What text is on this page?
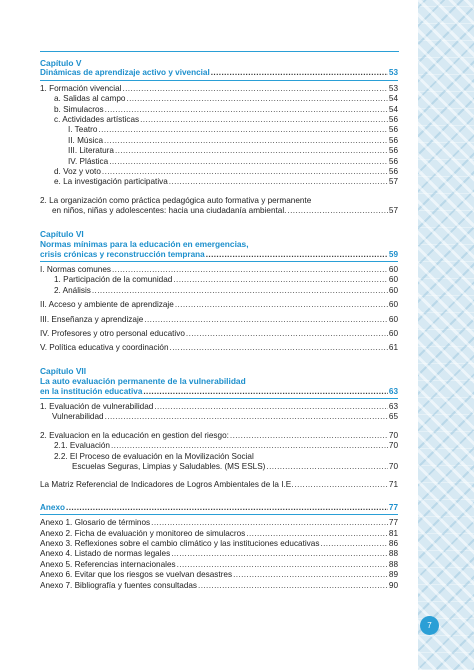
Capítulo V
Dinámicas de aprendizaje activo y vivencial .....	53
1. Formación vivencial .....	53
a. Salidas al campo .....	54
b. Simulacros .....	54
c. Actividades artísticas .....	56
I. Teatro .....	56
II. Música .....	56
III. Literatura .....	56
IV. Plástica .....	56
d. Voz y voto .....	56
e. La investigación participativa .....	57
2. La organización como práctica pedagógica auto formativa y permanente
en niños, niñas y adolescentes: hacia una ciudadanía ambiental. .....	57
Capítulo VI
Normas mínimas para la educación en emergencias,
crisis crónicas y reconstrucción temprana .....	59
I. Normas comunes .....	60
1. Participación de la comunidad .....	60
2. Análisis .....	60
II. Acceso y ambiente de aprendizaje .....	60
III. Enseñanza y aprendizaje .....	60
IV. Profesores y otro personal educativo .....	60
V. Política educativa y coordinación .....	61
Capítulo VII
La auto evaluación permanente de la vulnerabilidad
en la institución educativa .....	63
1. Evaluación de vulnerabilidad .....	63
Vulnerabilidad .....	65
2. Evaluacion en la educación en gestion del riesgo: .....	70
2.1. Evaluación .....	70
2.2. El Proceso de evaluación en la Movilización Social
Escuelas Seguras, Limpias y Saludables. (MS ESLS) .....	70
La Matriz Referencial de Indicadores de Logros Ambientales de la I.E. .....	71
Anexo .....	77
Anexo 1. Glosario de términos .....	77
Anexo 2. Ficha de evaluación y monitoreo de simulacros .....	81
Anexo 3. Reflexiones sobre el cambio climático y las instituciones educativas .....	86
Anexo 4. Listado de normas legales .....	88
Anexo 5. Referencias internacionales .....	88
Anexo 6. Evitar que los riesgos se vuelvan desastres .....	89
Anexo 7. Bibliografía y fuentes consultadas .....	90
7
